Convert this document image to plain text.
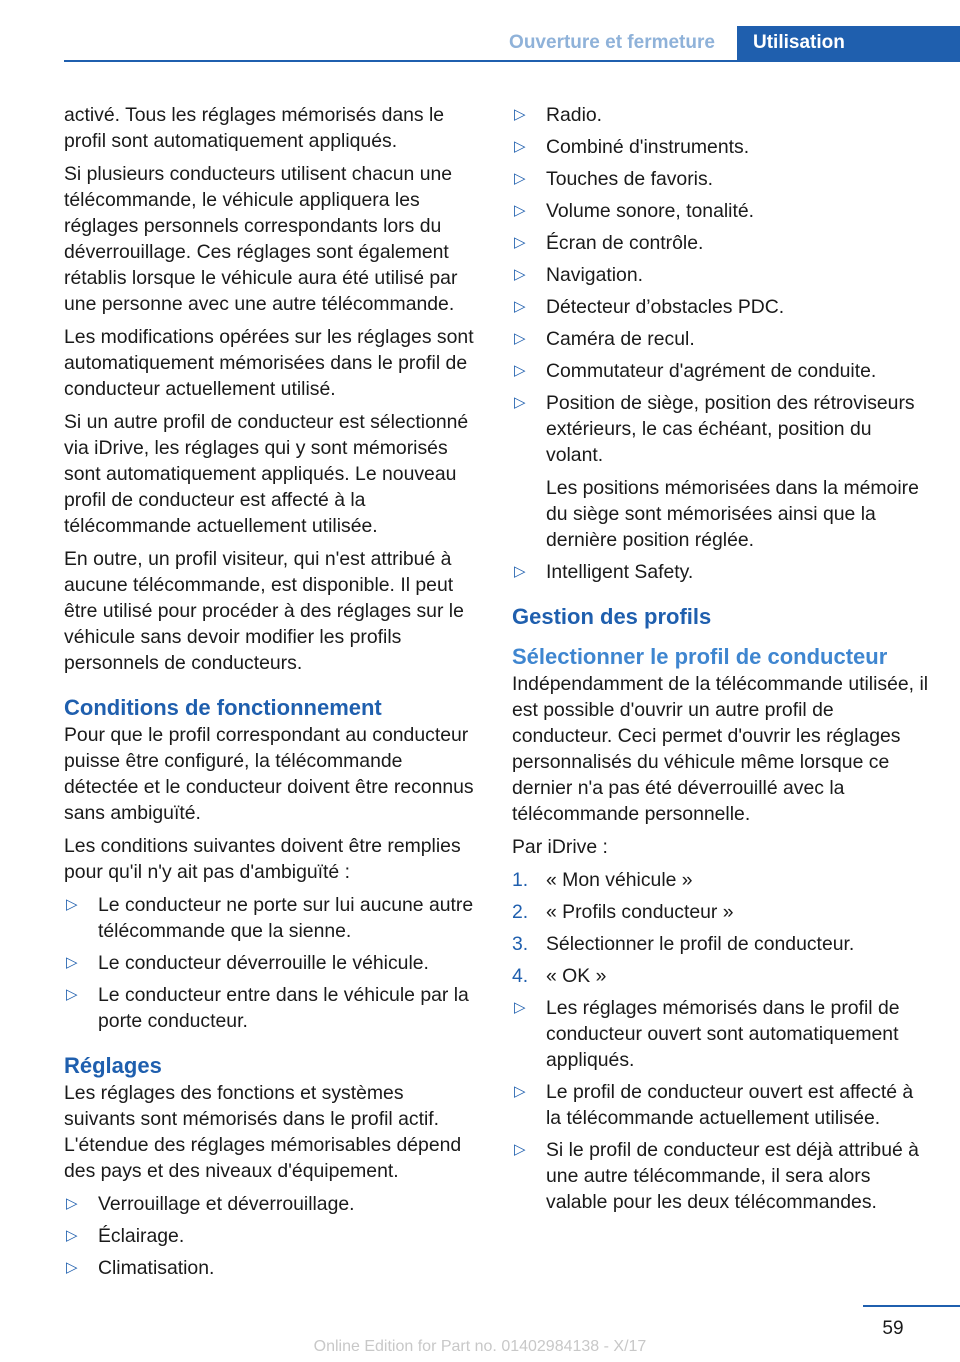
Ouverture et fermeture	Utilisation

activé. Tous les réglages mémorisés dans le profil sont automatiquement appliqués.

Si plusieurs conducteurs utilisent chacun une télécommande, le véhicule appliquera les réglages personnels correspondants lors du déverrouillage. Ces réglages sont également rétablis lorsque le véhicule aura été utilisé par une personne avec une autre télécommande.

Les modifications opérées sur les réglages sont automatiquement mémorisées dans le profil de conducteur actuellement utilisé.

Si un autre profil de conducteur est sélectionné via iDrive, les réglages qui y sont mémorisés sont automatiquement appliqués. Le nouveau profil de conducteur est affecté à la télécommande actuellement utilisée.

En outre, un profil visiteur, qui n'est attribué à aucune télécommande, est disponible. Il peut être utilisé pour procéder à des réglages sur le véhicule sans devoir modifier les profils personnels de conducteurs.

Conditions de fonctionnement

Pour que le profil correspondant au conducteur puisse être configuré, la télécommande détectée et le conducteur doivent être reconnus sans ambiguïté.

Les conditions suivantes doivent être remplies pour qu'il n'y ait pas d'ambiguïté :

▷ Le conducteur ne porte sur lui aucune autre télécommande que la sienne.
▷ Le conducteur déverrouille le véhicule.
▷ Le conducteur entre dans le véhicule par la porte conducteur.
Réglages

Les réglages des fonctions et systèmes suivants sont mémorisés dans le profil actif. L'étendue des réglages mémorisables dépend des pays et des niveaux d'équipement.

▷ Verrouillage et déverrouillage.
▷ Éclairage.
▷ Climatisation.
▷ Radio.
▷ Combiné d'instruments.
▷ Touches de favoris.
▷ Volume sonore, tonalité.
▷ Écran de contrôle.
▷ Navigation.
▷ Détecteur d’obstacles PDC.
▷ Caméra de recul.
▷ Commutateur d'agrément de conduite.
▷ Position de siège, position des rétroviseurs extérieurs, le cas échéant, position du volant.

Les positions mémorisées dans la mémoire du siège sont mémorisées ainsi que la dernière position réglée.

▷ Intelligent Safety.
Gestion des profils
Sélectionner le profil de conducteur

Indépendamment de la télécommande utilisée, il est possible d'ouvrir un autre profil de conducteur. Ceci permet d'ouvrir les réglages personnalisés du véhicule même lorsque ce dernier n'a pas été déverrouillé avec la télécommande personnelle.

Par iDrive :

1. « Mon véhicule »
2. « Profils conducteur »
3. Sélectionner le profil de conducteur.
4. « OK »
▷ Les réglages mémorisés dans le profil de conducteur ouvert sont automatiquement appliqués.
▷ Le profil de conducteur ouvert est affecté à la télécommande actuellement utilisée.
▷ Si le profil de conducteur est déjà attribué à une autre télécommande, il sera alors valable pour les deux télécommandes.
59
Online Edition for Part no. 01402984138 - X/17
